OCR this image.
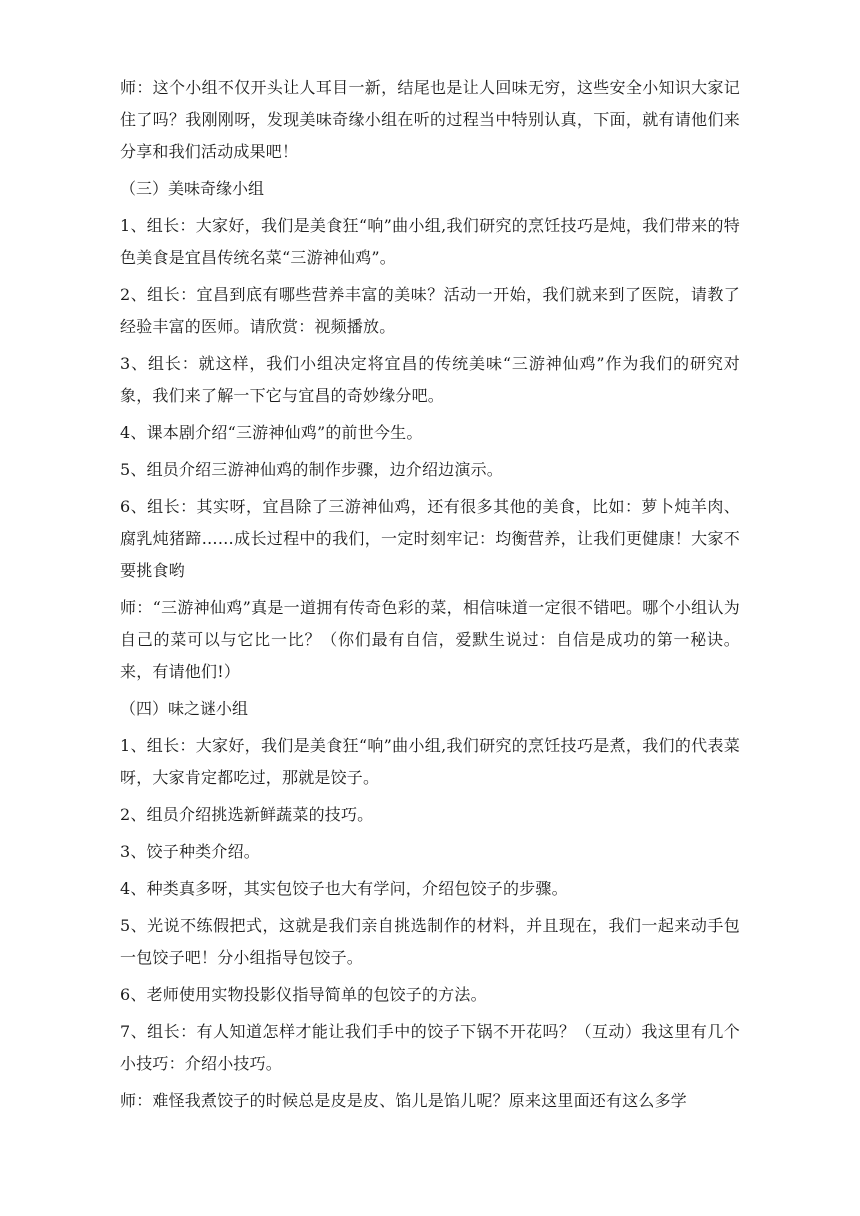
师：这个小组不仅开头让人耳目一新，结尾也是让人回味无穷，这些安全小知识大家记住了吗？我刚刚呀，发现美味奇缘小组在听的过程当中特别认真，下面，就有请他们来分享和我们活动成果吧！

（三）美味奇缘小组

1、组长：大家好，我们是美食狂“响”曲小组,我们研究的烹饪技巧是炖，我们带来的特色美食是宜昌传统名菜“三游神仙鸡”。

2、组长：宜昌到底有哪些营养丰富的美味？活动一开始，我们就来到了医院，请教了经验丰富的医师。请欣赏：视频播放。

3、组长：就这样，我们小组决定将宜昌的传统美味“三游神仙鸡”作为我们的研究对象，我们来了解一下它与宜昌的奇妙缘分吧。

4、课本剧介绍“三游神仙鸡”的前世今生。

5、组员介绍三游神仙鸡的制作步骤，边介绍边演示。

6、组长：其实呀，宜昌除了三游神仙鸡，还有很多其他的美食，比如：萝卜炖羊肉、腐乳炖猪蹄……成长过程中的我们，一定时刻牢记：均衡营养，让我们更健康！大家不要挑食哟

师：“三游神仙鸡”真是一道拥有传奇色彩的菜，相信味道一定很不错吧。哪个小组认为自己的菜可以与它比一比？（你们最有自信，爱默生说过：自信是成功的第一秘诀。来，有请他们!）

（四）味之谜小组

1、组长：大家好，我们是美食狂“响”曲小组,我们研究的烹饪技巧是煮，我们的代表菜呀，大家肯定都吃过，那就是饺子。

2、组员介绍挑选新鲜蔬菜的技巧。

3、饺子种类介绍。

4、种类真多呀，其实包饺子也大有学问，介绍包饺子的步骤。

5、光说不练假把式，这就是我们亲自挑选制作的材料，并且现在，我们一起来动手包一包饺子吧！分小组指导包饺子。

6、老师使用实物投影仪指导简单的包饺子的方法。

7、组长：有人知道怎样才能让我们手中的饺子下锅不开花吗？（互动）我这里有几个小技巧：介绍小技巧。

师：难怪我煮饺子的时候总是皮是皮、馅儿是馅儿呢？原来这里面还有这么多学
